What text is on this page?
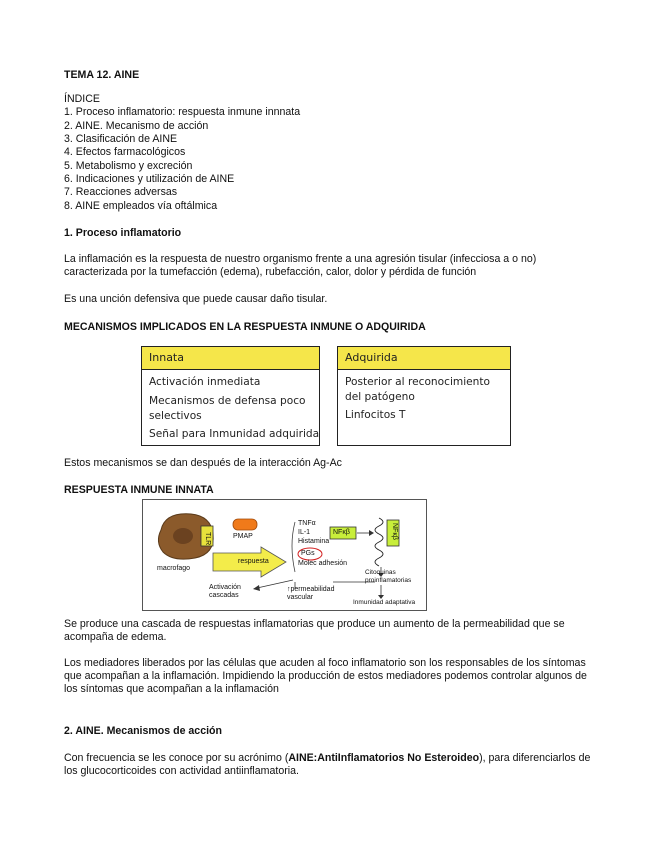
TEMA 12. AINE
ÍNDICE
1. Proceso inflamatorio: respuesta inmune innnata
2. AINE. Mecanismo de acción
3. Clasificación de AINE
4. Efectos farmacológicos
5. Metabolismo y excreción
6. Indicaciones y utilización de AINE
7. Reacciones adversas
8. AINE empleados vía oftálmica
1. Proceso inflamatorio
La inflamación es la respuesta de nuestro organismo frente a una agresión tisular (infecciosa a o no) caracterizada por la tumefacción (edema), rubefacción, calor, dolor y pérdida de función
Es una unción defensiva que puede causar daño tisular.
MECANISMOS IMPLICADOS EN LA RESPUESTA INMUNE O ADQUIRIDA
Innata
Activación inmediata
Mecanismos de defensa poco selectivos
Señal para Inmunidad adquirida
Adquirida
Posterior al reconocimiento del patógeno
Linfocitos T
Estos mecanismos se dan después de la interacción Ag-Ac
RESPUESTA INMUNE INNATA
TLR	PMAP
macrofago
respuesta
TNFα
IL-1
Histamina
PGs
Molec adhesión
NFκβ	NFκβ
Citoquinas proinflamatorias
Activación cascadas
↑permeabilidad vascular
Inmunidad adaptativa
Se produce una cascada de respuestas inflamatorias que produce un aumento de la permeabilidad que se acompaña de edema.
Los mediadores liberados por las células que acuden al foco inflamatorio son los responsables de los síntomas que acompañan a la inflamación. Impidiendo la producción de estos mediadores podemos controlar algunos de los síntomas que acompañan a la inflamación
2. AINE. Mecanismos de acción
Con frecuencia se les conoce por su acrónimo (AINE:AntiInflamatorios No Esteroideo), para diferenciarlos de los glucocorticoides con actividad antiinflamatoria.
